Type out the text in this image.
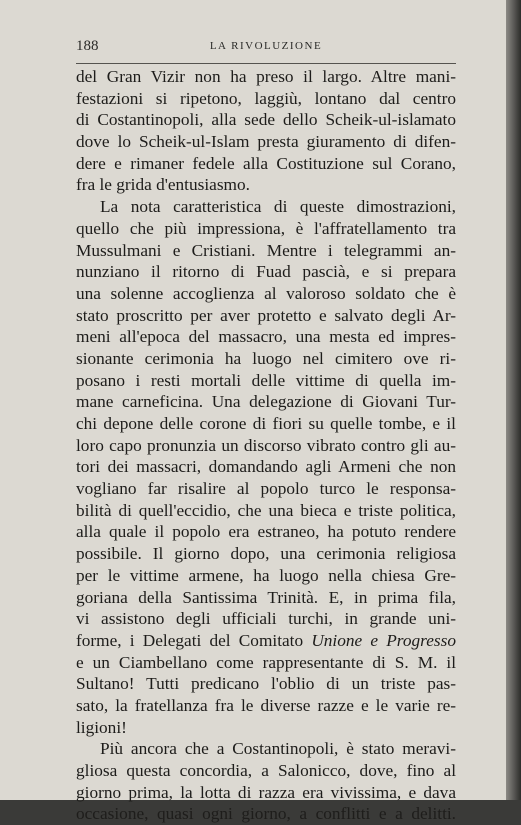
188	LA RIVOLUZIONE
del Gran Vizir non ha preso il largo. Altre mani-
festazioni si ripetono, laggiù, lontano dal centro
di Costantinopoli, alla sede dello Scheik-ul-islamato
dove lo Scheik-ul-Islam presta giuramento di difen-
dere e rimaner fedele alla Costituzione sul Corano,
fra le grida d'entusiasmo.
La nota caratteristica di queste dimostrazioni,
quello che più impressiona, è l'affratellamento tra
Mussulmani e Cristiani. Mentre i telegrammi an-
nunziano il ritorno di Fuad pascià, e si prepara
una solenne accoglienza al valoroso soldato che è
stato proscritto per aver protetto e salvato degli Ar-
meni all'epoca del massacro, una mesta ed impres-
sionante cerimonia ha luogo nel cimitero ove ri-
posano i resti mortali delle vittime di quella im-
mane carneficina. Una delegazione di Giovani Tur-
chi depone delle corone di fiori su quelle tombe, e il
loro capo pronunzia un discorso vibrato contro gli au-
tori dei massacri, domandando agli Armeni che non
vogliano far risalire al popolo turco le responsa-
bilità di quell'eccidio, che una bieca e triste politica,
alla quale il popolo era estraneo, ha potuto rendere
possibile. Il giorno dopo, una cerimonia religiosa
per le vittime armene, ha luogo nella chiesa Gre-
goriana della Santissima Trinità. E, in prima fila,
vi assistono degli ufficiali turchi, in grande uni-
forme, i Delegati del Comitato Unione e Progresso
e un Ciambellano come rappresentante di S. M. il
Sultano! Tutti predicano l'oblio di un triste pas-
sato, la fratellanza fra le diverse razze e le varie re-
ligioni!
Più ancora che a Costantinopoli, è stato meravi-
gliosa questa concordia, a Salonicco, dove, fino al
giorno prima, la lotta di razza era vivissima, e dava
occasione, quasi ogni giorno, a conflitti e a delitti.
